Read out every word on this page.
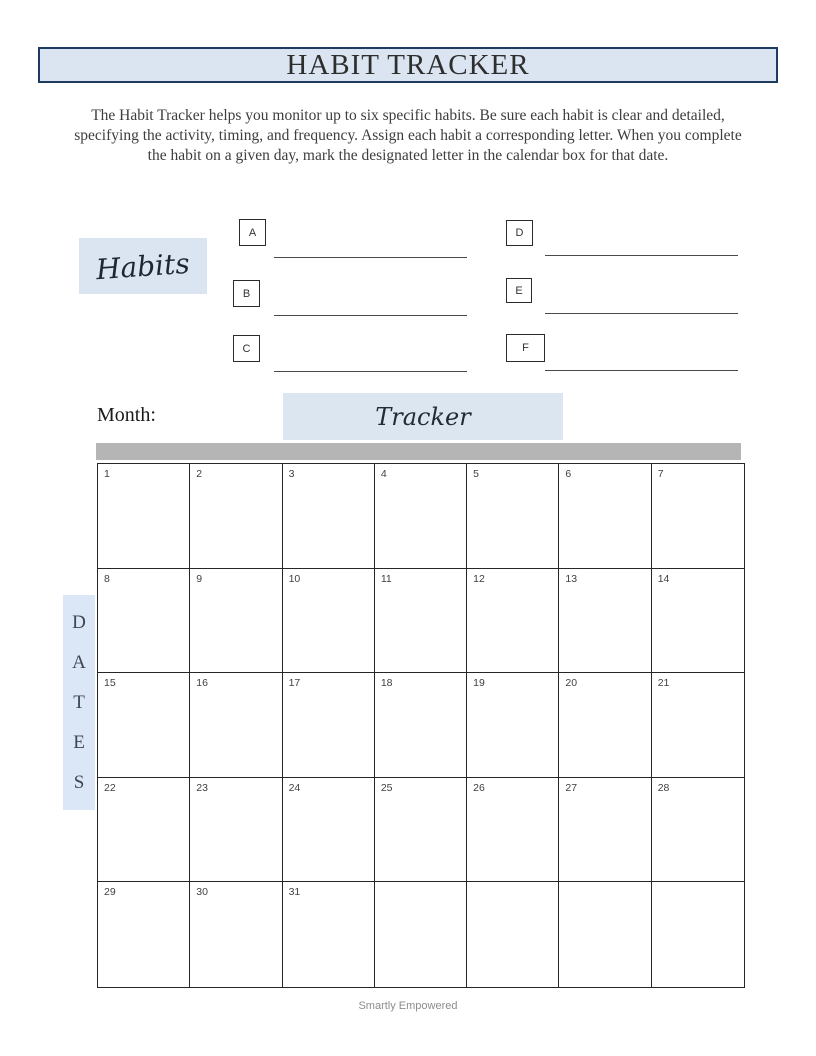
HABIT TRACKER

The Habit Tracker helps you monitor up to six specific habits. Be sure each habit is clear and detailed, specifying the activity, timing, and frequency. Assign each habit a corresponding letter. When you complete the habit on a given day, mark the designated letter in the calendar box for that date.

Habits
A
B
C
D
E
F
Month:	Tracker
D
A
T
E
S
1	2	3	4	5	6	7
8	9	10	11	12	13	14
15	16	17	18	19	20	21
22	23	24	25	26	27	28
29	30	31
Smartly Empowered
